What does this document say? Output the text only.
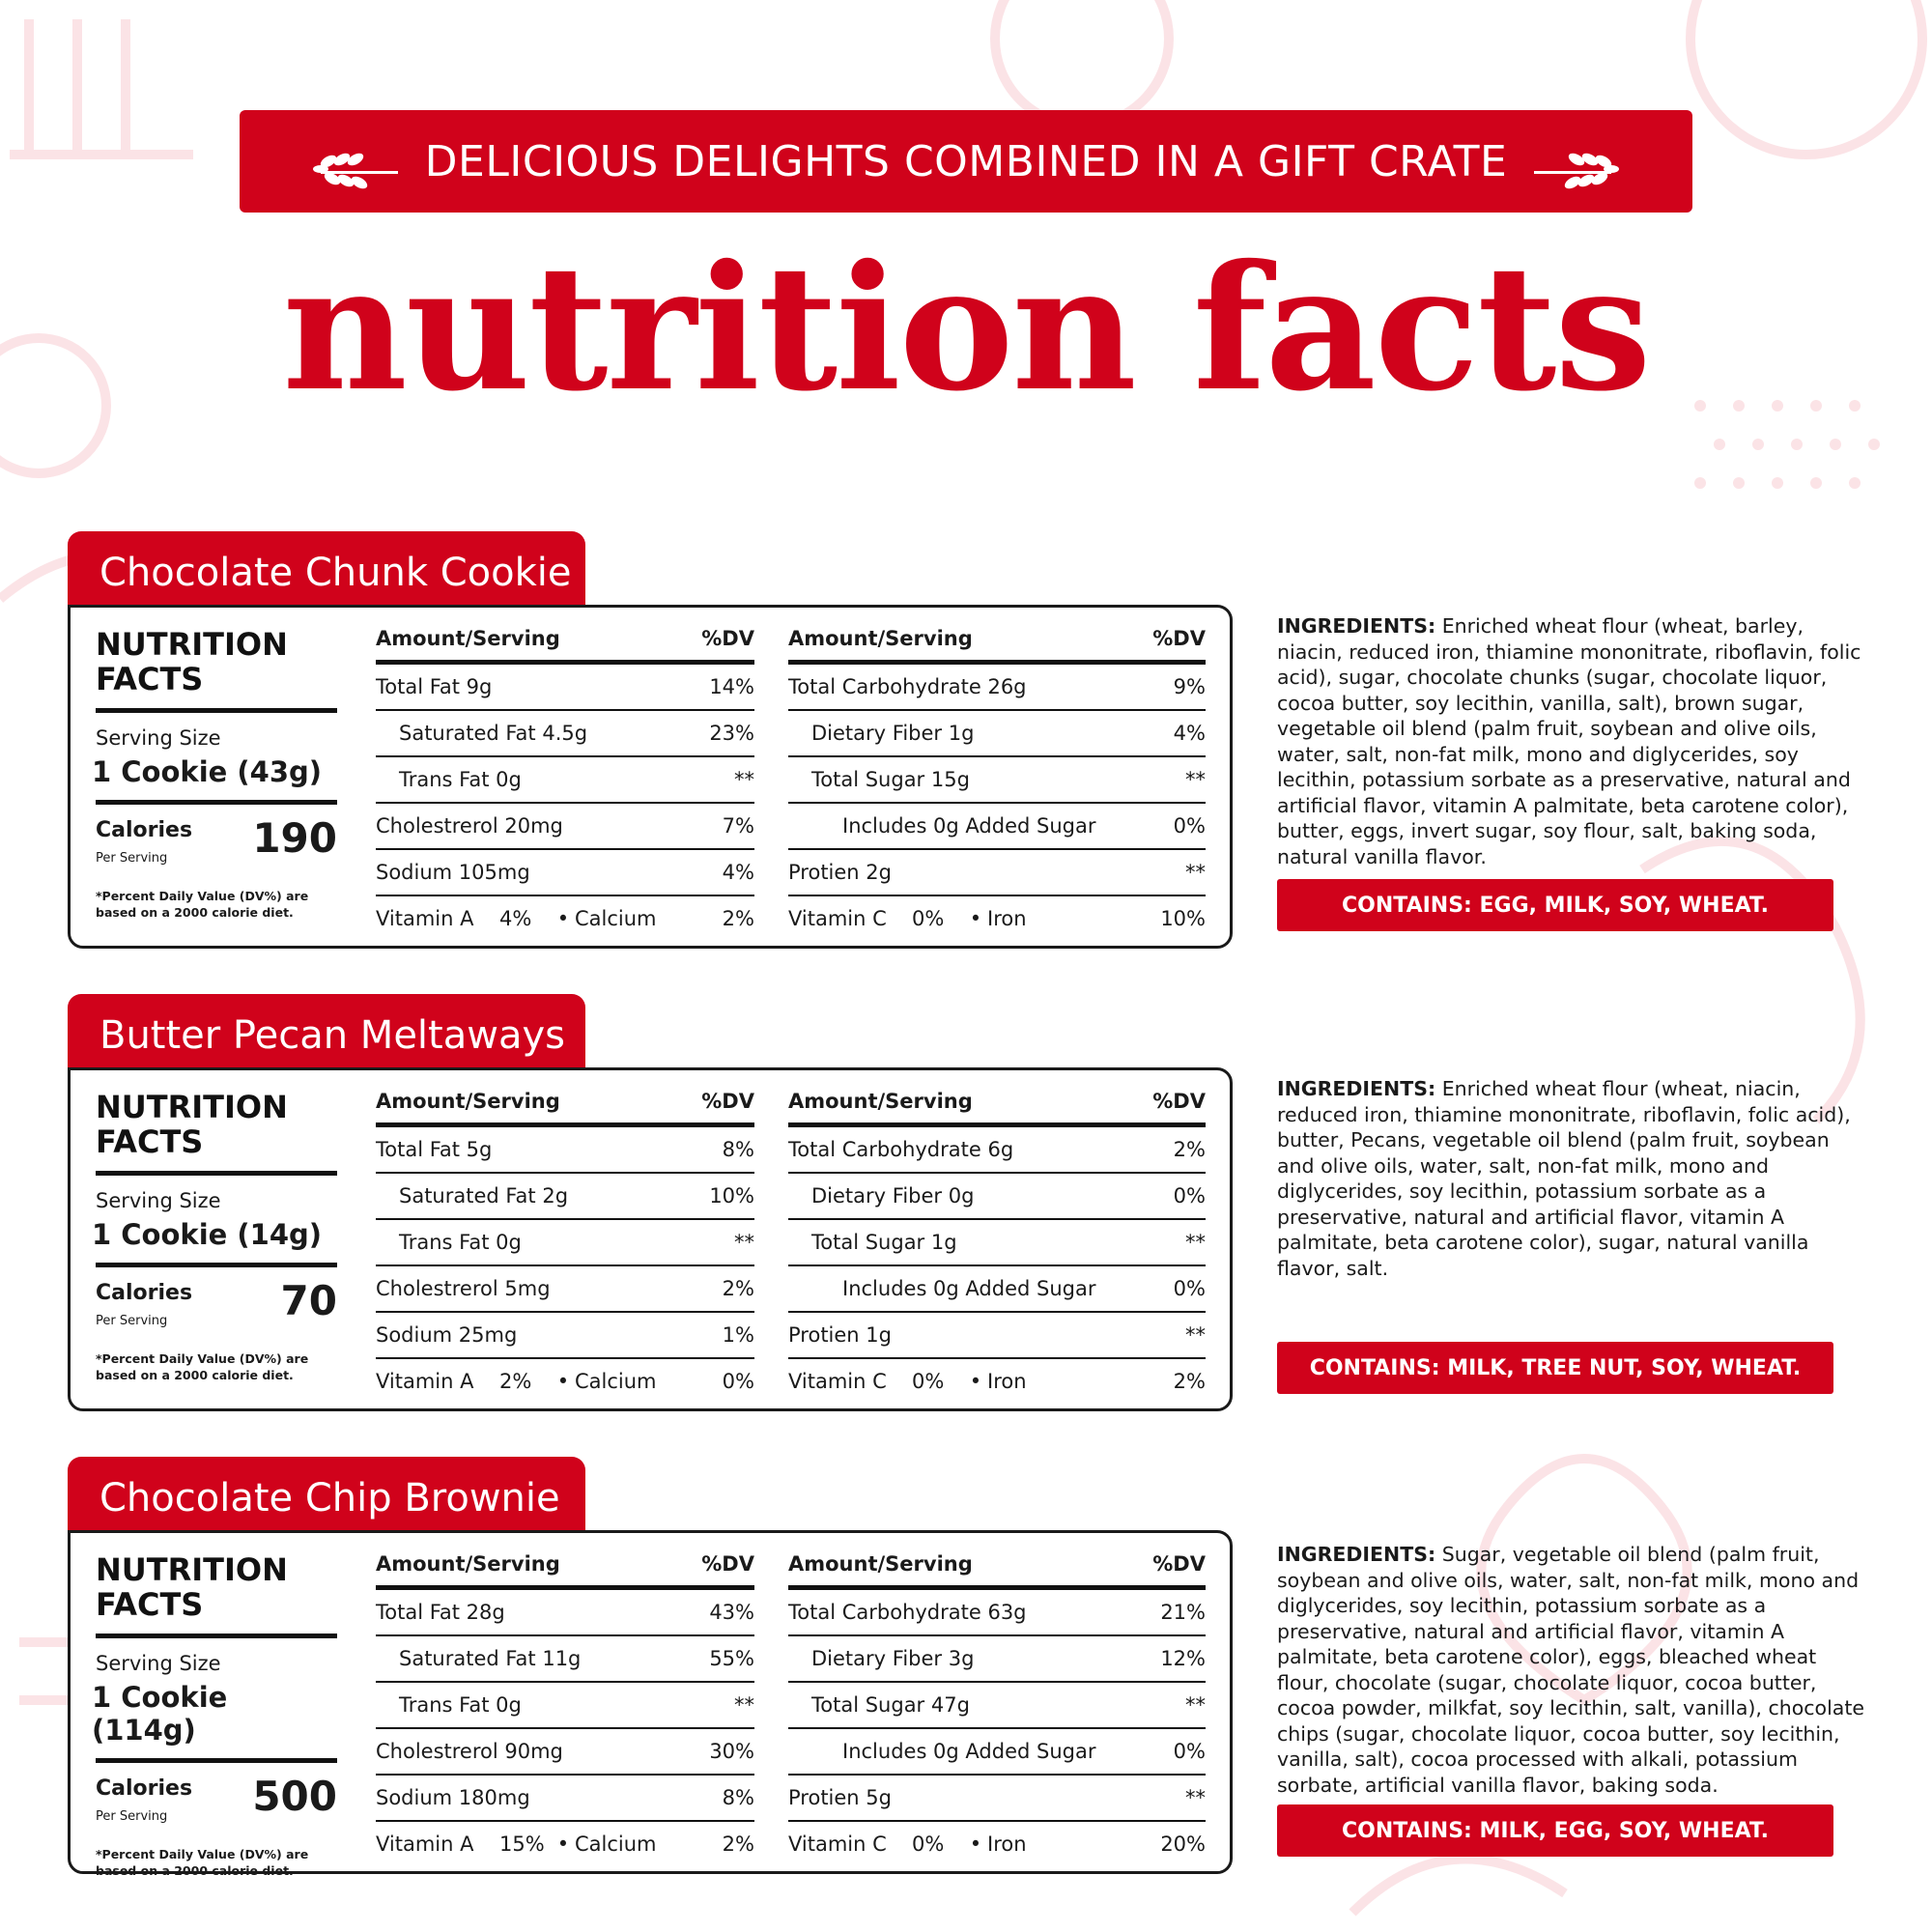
DELICIOUS DELIGHTS COMBINED IN A GIFT CRATE
nutrition facts
Chocolate Chunk Cookie
NUTRITION
FACTS
Serving Size
1 Cookie (43g)
Calories
Per Serving 190
*Percent Daily Value (DV%) are based on a 2000 calorie diet.
Amount/Serving	%DV
Total Fat 9g	14%
Saturated Fat 4.5g	23%
Trans Fat 0g	**
Cholestrerol 20mg	7%
Sodium 105mg	4%
Vitamin A	4%	• Calcium	2%
Amount/Serving	%DV
Total Carbohydrate 26g	9%
Dietary Fiber 1g	4%
Total Sugar 15g	**
Includes 0g Added Sugar	0%
Protien 2g	**
Vitamin C	0%	• Iron	10%
INGREDIENTS: Enriched wheat flour (wheat, barley, niacin, reduced iron, thiamine mononitrate, riboflavin, folic acid), sugar, chocolate chunks (sugar, chocolate liquor, cocoa butter, soy lecithin, vanilla, salt), brown sugar, vegetable oil blend (palm fruit, soybean and olive oils, water, salt, non-fat milk, mono and diglycerides, soy lecithin, potassium sorbate as a preservative, natural and artificial flavor, vitamin A palmitate, beta carotene color), butter, eggs, invert sugar, soy flour, salt, baking soda, natural vanilla flavor.
CONTAINS: EGG, MILK, SOY, WHEAT.
Butter Pecan Meltaways
NUTRITION
FACTS
Serving Size
1 Cookie (14g)
Calories
Per Serving	70
*Percent Daily Value (DV%) are based on a 2000 calorie diet.
Amount/Serving	%DV
Total Fat 5g	8%
Saturated Fat 2g	10%
Trans Fat 0g	**
Cholestrerol 5mg	2%
Sodium 25mg	1%
Vitamin A	2%	• Calcium	0%
Amount/Serving	%DV
Total Carbohydrate 6g	2%
Dietary Fiber 0g	0%
Total Sugar 1g	**
Includes 0g Added Sugar	0%
Protien 1g	**
Vitamin C	0%	• Iron	2%
INGREDIENTS: Enriched wheat flour (wheat, niacin, reduced iron, thiamine mononitrate, riboflavin, folic acid), butter, Pecans, vegetable oil blend (palm fruit, soybean and olive oils, water, salt, non-fat milk, mono and diglycerides, soy lecithin, potassium sorbate as a preservative, natural and artificial flavor, vitamin A palmitate, beta carotene color), sugar, natural vanilla flavor, salt.
CONTAINS: MILK, TREE NUT, SOY, WHEAT.
Chocolate Chip Brownie
NUTRITION
FACTS
Serving Size
1 Cookie (114g)
Calories
Per Serving 500
*Percent Daily Value (DV%) are based on a 2000 calorie diet.
Amount/Serving	%DV
Total Fat 28g	43%
Saturated Fat 11g	55%
Trans Fat 0g	**
Cholestrerol 90mg	30%
Sodium 180mg	8%
Vitamin A	15% • Calcium	2%
Amount/Serving	%DV
Total Carbohydrate 63g	21%
Dietary Fiber 3g	12%
Total Sugar 47g	**
Includes 0g Added Sugar	0%
Protien 5g	**
Vitamin C	0%	• Iron	20%
INGREDIENTS: Sugar, vegetable oil blend (palm fruit, soybean and olive oils, water, salt, non-fat milk, mono and diglycerides, soy lecithin, potassium sorbate as a preservative, natural and artificial flavor, vitamin A palmitate, beta carotene color), eggs, bleached wheat flour, chocolate (sugar, chocolate liquor, cocoa butter, cocoa powder, milkfat, soy lecithin, salt, vanilla), chocolate chips (sugar, chocolate liquor, cocoa butter, soy lecithin, vanilla, salt), cocoa processed with alkali, potassium sorbate, artificial vanilla flavor, baking soda.
CONTAINS: MILK, EGG, SOY, WHEAT.
